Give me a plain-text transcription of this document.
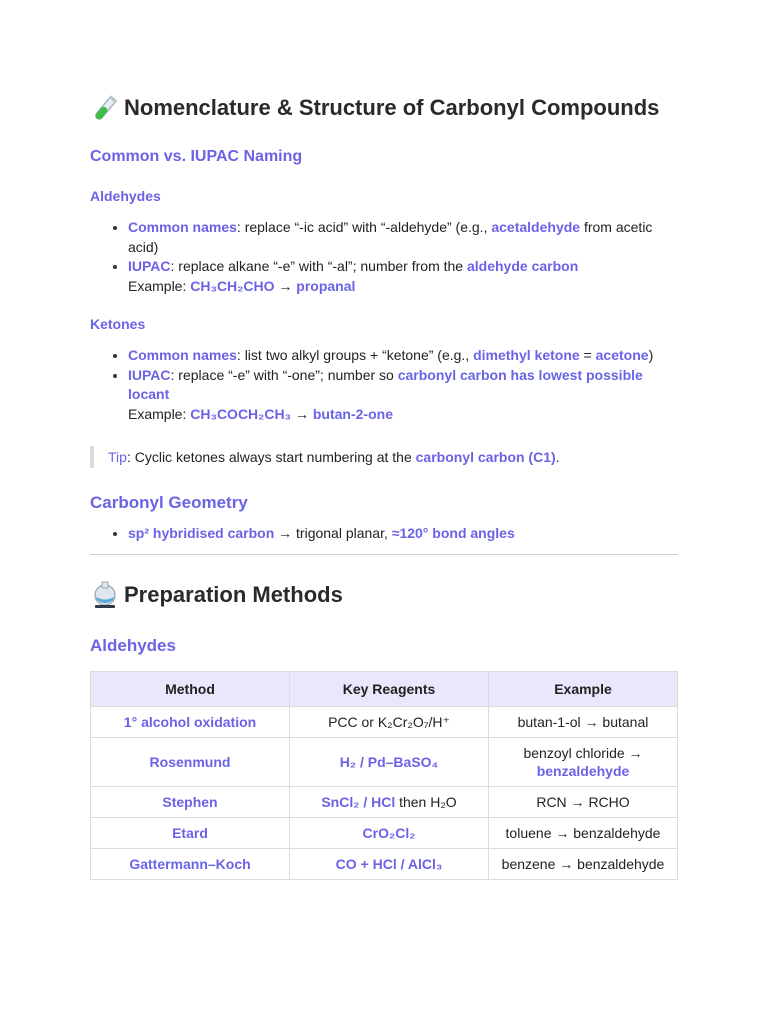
Nomenclature & Structure of Carbonyl Compounds
Common vs. IUPAC Naming
Aldehydes
• Common names: replace “-ic acid” with “-aldehyde” (e.g., acetaldehyde from acetic acid)
• IUPAC: replace alkane “-e” with “-al”; number from the aldehyde carbon
Example: CH₃CH₂CHO → propanal
Ketones
• Common names: list two alkyl groups + “ketone” (e.g., dimethyl ketone = acetone)
• IUPAC: replace “-e” with “-one”; number so carbonyl carbon has lowest possible locant
Example: CH₃COCH₂CH₃ → butan-2-one
Tip: Cyclic ketones always start numbering at the carbonyl carbon (C1).
Carbonyl Geometry
• sp² hybridised carbon → trigonal planar, ≈120° bond angles
Preparation Methods
Aldehydes
Method	Key Reagents	Example
1° alcohol oxidation	PCC or K₂Cr₂O₇/H⁺	butan-1-ol → butanal
Rosenmund	H₂ / Pd–BaSO₄	benzoyl chloride →
benzaldehyde
Stephen	SnCl₂ / HCl then H₂O	RCN → RCHO
Etard	CrO₂Cl₂	toluene → benzaldehyde
Gattermann–Koch	CO + HCl / AlCl₃	benzene → benzaldehyde
